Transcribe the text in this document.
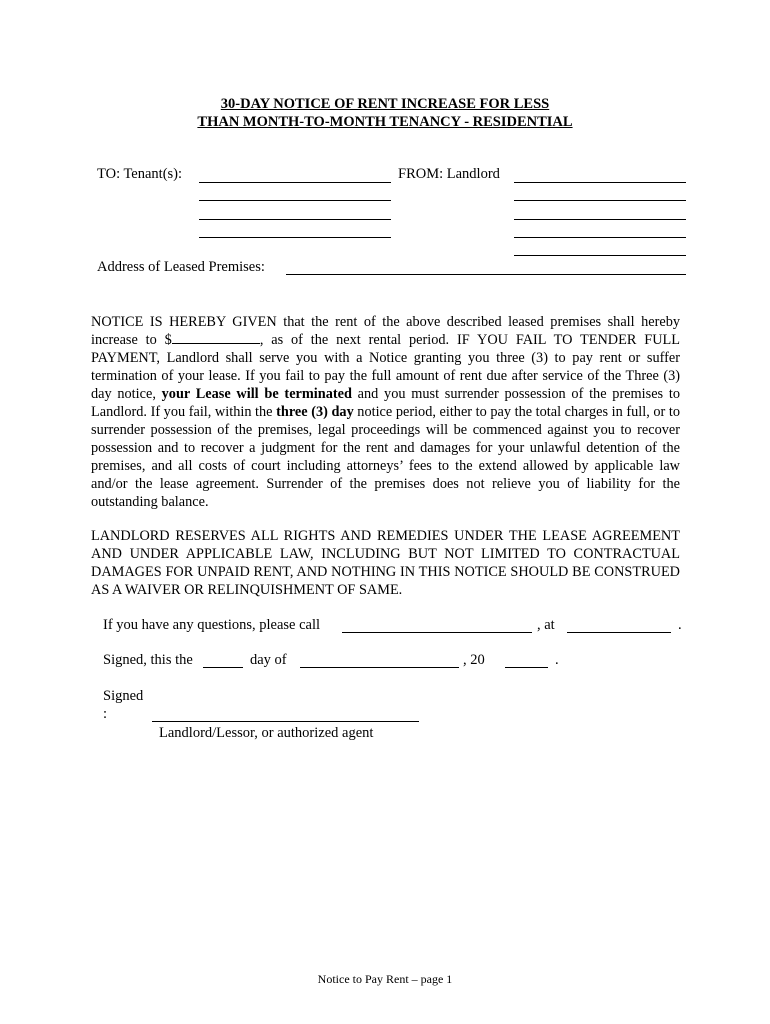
30-DAY NOTICE OF RENT INCREASE FOR LESS
THAN MONTH-TO-MONTH TENANCY - RESIDENTIAL
TO: Tenant(s):	FROM: Landlord
Address of Leased Premises:

NOTICE IS HEREBY GIVEN that the rent of the above described leased premises shall hereby increase to $	, as of the next rental period. IF YOU FAIL TO TENDER FULL PAYMENT, Landlord shall serve you with a Notice granting you three (3) to pay rent or suffer termination of your lease. If you fail to pay the full amount of rent due after service of the Three (3) day notice, your Lease will be terminated and you must surrender possession of the premises to Landlord. If you fail, within the three (3) day notice period, either to pay the total charges in full, or to surrender possession of the premises, legal proceedings will be commenced against you to recover possession and to recover a judgment for the rent and damages for your unlawful detention of the premises, and all costs of court including attorneys’ fees to the extend allowed by applicable law and/or the lease agreement. Surrender of the premises does not relieve you of liability for the outstanding balance.

LANDLORD RESERVES ALL RIGHTS AND REMEDIES UNDER THE LEASE AGREEMENT AND UNDER APPLICABLE LAW, INCLUDING BUT NOT LIMITED TO CONTRACTUAL DAMAGES FOR UNPAID RENT, AND NOTHING IN THIS NOTICE SHOULD BE CONSTRUED AS A WAIVER OR RELINQUISHMENT OF SAME.

If you have any questions, please call	, at	.
Signed, this the	day of	, 20	.
Signed
:
Landlord/Lessor, or authorized agent
Notice to Pay Rent – page 1
